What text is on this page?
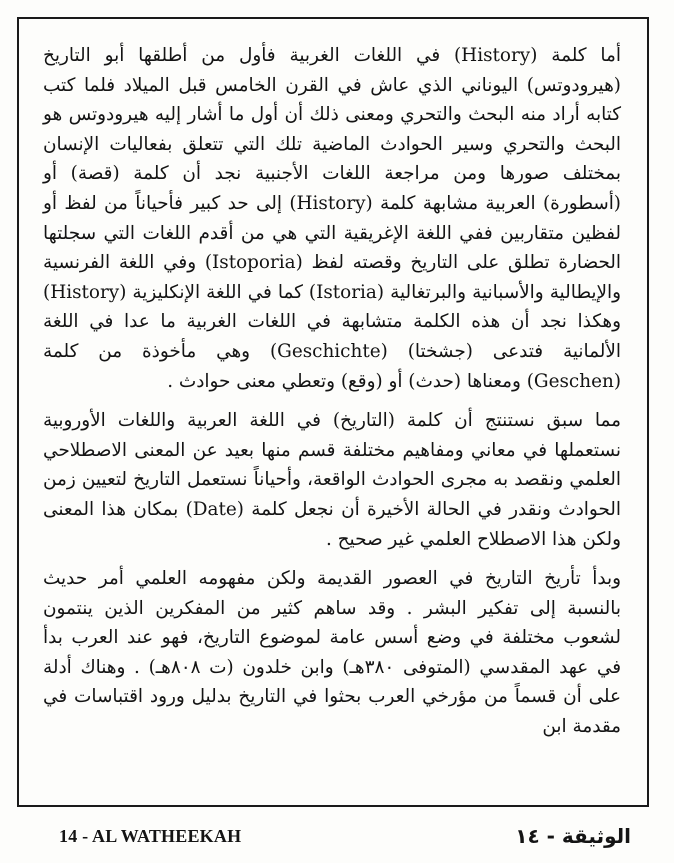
أما كلمة (History) في اللغات الغربية فأول من أطلقها أبو التاريخ (هيرودوتس) اليوناني الذي عاش في القرن الخامس قبل الميلاد فلما كتب كتابه أراد منه البحث والتحري ومعنى ذلك أن أول ما أشار إليه هيرودوتس هو البحث والتحري وسير الحوادث الماضية تلك التي تتعلق بفعاليات الإنسان بمختلف صورها ومن مراجعة اللغات الأجنبية نجد أن كلمة (قصة) أو (أسطورة) العربية مشابهة كلمة (History) إلى حد كبير فأحياناً من لفظ أو لفظين متقاربين ففي اللغة الإغريقية التي هي من أقدم اللغات التي سجلتها الحضارة تطلق على التاريخ وقصته لفظ (Istoporia) وفي اللغة الفرنسية والإيطالية والأسبانية والبرتغالية (Istoria) كما في اللغة الإنكليزية (History) وهكذا نجد أن هذه الكلمة متشابهة في اللغات الغربية ما عدا في اللغة الألمانية فتدعى (جشختا) (Geschichte) وهي مأخوذة من كلمة (Geschen) ومعناها (حدث) أو (وقع) وتعطي معنى حوادث .

مما سبق نستنتج أن كلمة (التاريخ) في اللغة العربية واللغات الأوروبية نستعملها في معاني ومفاهيم مختلفة قسم منها بعيد عن المعنى الاصطلاحي العلمي ونقصد به مجرى الحوادث الواقعة، وأحياناً نستعمل التاريخ لتعيين زمن الحوادث ونقدر في الحالة الأخيرة أن نجعل كلمة (Date) بمكان هذا المعنى ولكن هذا الاصطلاح العلمي غير صحيح .

وبدأ تأريخ التاريخ في العصور القديمة ولكن مفهومه العلمي أمر حديث بالنسبة إلى تفكير البشر . وقد ساهم كثير من المفكرين الذين ينتمون لشعوب مختلفة في وضع أسس عامة لموضوع التاريخ، فهو عند العرب بدأ في عهد المقدسي (المتوفى ٣٨٠هـ) وابن خلدون (ت ٨٠٨هـ) . وهناك أدلة على أن قسماً من مؤرخي العرب بحثوا في التاريخ بدليل ورود اقتباسات في مقدمة ابن

14 - AL WATHEEKAH	الوثيقة - ١٤
